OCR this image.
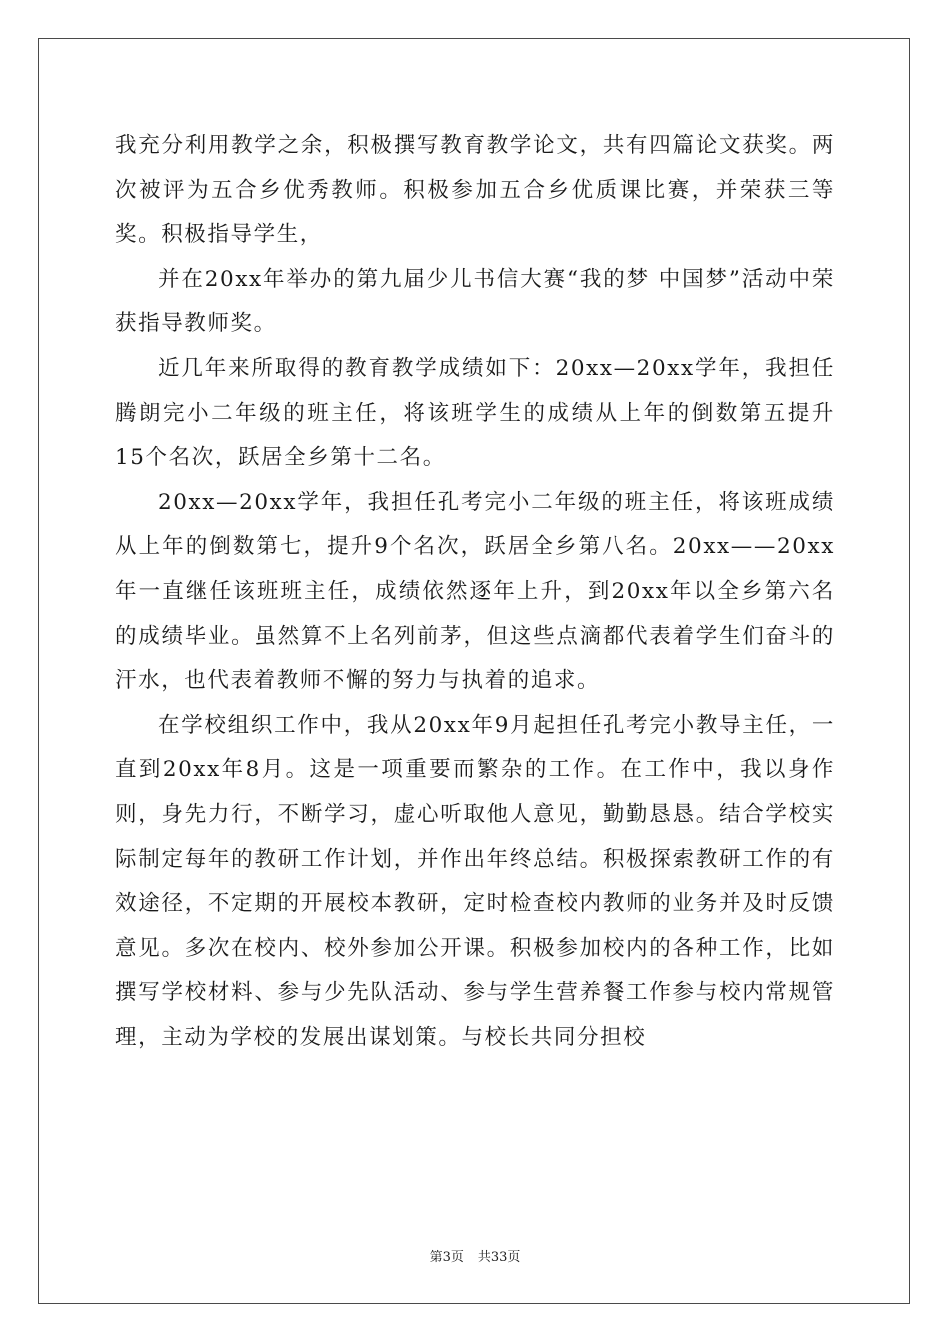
我充分利用教学之余，积极撰写教育教学论文，共有四篇论文获奖。两次被评为五合乡优秀教师。积极参加五合乡优质课比赛，并荣获三等奖。积极指导学生，

并在20xx年举办的第九届少儿书信大赛“我的梦 中国梦”活动中荣获指导教师奖。

近几年来所取得的教育教学成绩如下：20xx—20xx学年，我担任腾朗完小二年级的班主任，将该班学生的成绩从上年的倒数第五提升15个名次，跃居全乡第十二名。

20xx—20xx学年，我担任孔考完小二年级的班主任，将该班成绩从上年的倒数第七，提升9个名次，跃居全乡第八名。20xx——20xx年一直继任该班班主任，成绩依然逐年上升，到20xx年以全乡第六名的成绩毕业。虽然算不上名列前茅，但这些点滴都代表着学生们奋斗的汗水，也代表着教师不懈的努力与执着的追求。

在学校组织工作中，我从20xx年9月起担任孔考完小教导主任，一直到20xx年8月。这是一项重要而繁杂的工作。在工作中，我以身作则，身先力行，不断学习，虚心听取他人意见，勤勤恳恳。结合学校实际制定每年的教研工作计划，并作出年终总结。积极探索教研工作的有效途径，不定期的开展校本教研，定时检查校内教师的业务并及时反馈意见。多次在校内、校外参加公开课。积极参加校内的各种工作，比如撰写学校材料、参与少先队活动、参与学生营养餐工作参与校内常规管理，主动为学校的发展出谋划策。与校长共同分担校

第3页 共33页
